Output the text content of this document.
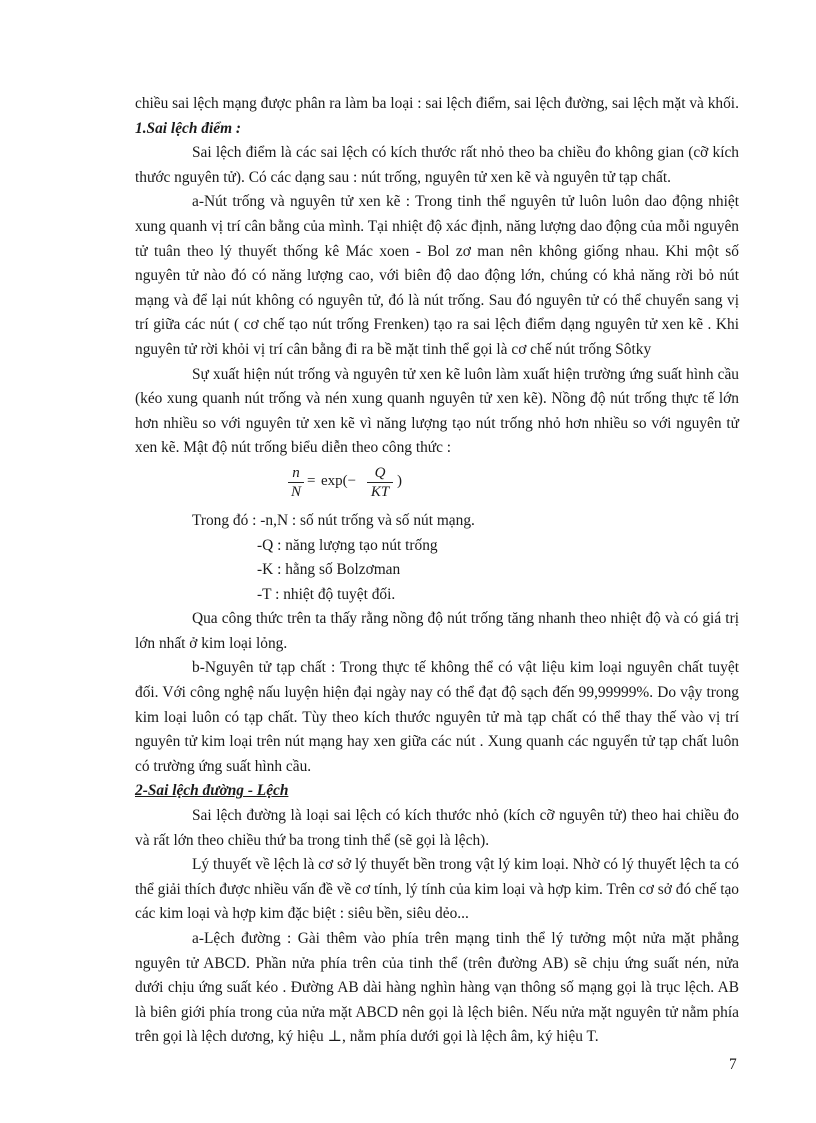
chiều sai lệch mạng được phân ra làm ba loại : sai lệch điểm, sai lệch đường, sai lệch mặt và khối.

1.Sai lệch điểm :

Sai lệch điểm là các sai lệch có kích thước rất nhỏ theo ba chiều đo không gian (cỡ kích thước nguyên tử). Có các dạng sau : nút trống, nguyên tử xen kẽ và nguyên tử tạp chất.

a-Nút trống và nguyên tử xen kẽ : Trong tinh thể nguyên tử luôn luôn dao động nhiệt xung quanh vị trí cân bằng của mình. Tại nhiệt độ xác định, năng lượng dao động của mỗi nguyên tử tuân theo lý thuyết thống kê Mác xoen - Bol zơ man nên không giống nhau. Khi một số nguyên tử nào đó có năng lượng cao, với biên độ dao động lớn, chúng có khả năng rời bỏ nút mạng và để lại nút không có nguyên tử, đó là nút trống. Sau đó nguyên tử có thể chuyển sang vị trí giữa các nút ( cơ chế tạo nút trống Frenken) tạo ra sai lệch điểm dạng nguyên tử xen kẽ . Khi nguyên tử rời khỏi vị trí cân bằng đi ra bề mặt tinh thể gọi là cơ chế nút trống Sôtky

Sự xuất hiện nút trống và nguyên tử xen kẽ luôn làm xuất hiện trường ứng suất hình cầu (kéo xung quanh nút trống và nén xung quanh nguyên tử xen kẽ). Nồng độ nút trống thực tế lớn hơn nhiều so với nguyên tử xen kẽ vì năng lượng tạo nút trống nhỏ hơn nhiều so với nguyên tử xen kẽ. Mật độ nút trống biểu diễn theo công thức :

$\frac{n}{N} = \exp(- \frac{Q}{KT}$ )

Trong đó : -n,N : số nút trống và số nút mạng.

-Q : năng lượng tạo nút trống

-K : hằng số Bolzơman

-T : nhiệt độ tuyệt đối.

Qua công thức trên ta thấy rằng nồng độ nút trống tăng nhanh theo nhiệt độ và có giá trị lớn nhất ở kim loại lỏng.

b-Nguyên tử tạp chất : Trong thực tế không thể có vật liệu kim loại nguyên chất tuyệt đối. Với công nghệ nấu luyện hiện đại ngày nay có thể đạt độ sạch đến 99,99999%. Do vậy trong kim loại luôn có tạp chất. Tùy theo kích thước nguyên tử mà tạp chất có thể thay thế vào vị trí nguyên tử kim loại trên nút mạng hay xen giữa các nút . Xung quanh các nguyển tử tạp chất luôn có trường ứng suất hình cầu.

2-Sai lệch đường - Lệch

Sai lệch đường là loại sai lệch có kích thước nhỏ (kích cỡ nguyên tử) theo hai chiều đo và rất lớn theo chiều thứ ba trong tinh thể (sẽ gọi là lệch).

Lý thuyết về lệch là cơ sở lý thuyết bền trong vật lý kim loại. Nhờ có lý thuyết lệch ta có thể giải thích được nhiều vấn đề về cơ tính, lý tính của kim loại và hợp kim. Trên cơ sở đó chế tạo các kim loại và hợp kim đặc biệt : siêu bền, siêu dẻo...

a-Lệch đường : Gài thêm vào phía trên mạng tinh thể lý tưởng một nửa mặt phẳng nguyên tử ABCD. Phần nửa phía trên của tinh thể (trên đường AB) sẽ chịu ứng suất nén, nửa dưới chịu ứng suất kéo . Đường AB dài hàng nghìn hàng vạn thông số mạng gọi là trục lệch. AB là biên giới phía trong của nửa mặt ABCD nên gọi là lệch biên. Nếu nửa mặt nguyên tử nằm phía trên gọi là lệch dương, ký hiệu ⊥, nằm phía dưới gọi là lệch âm, ký hiệu T.

7
